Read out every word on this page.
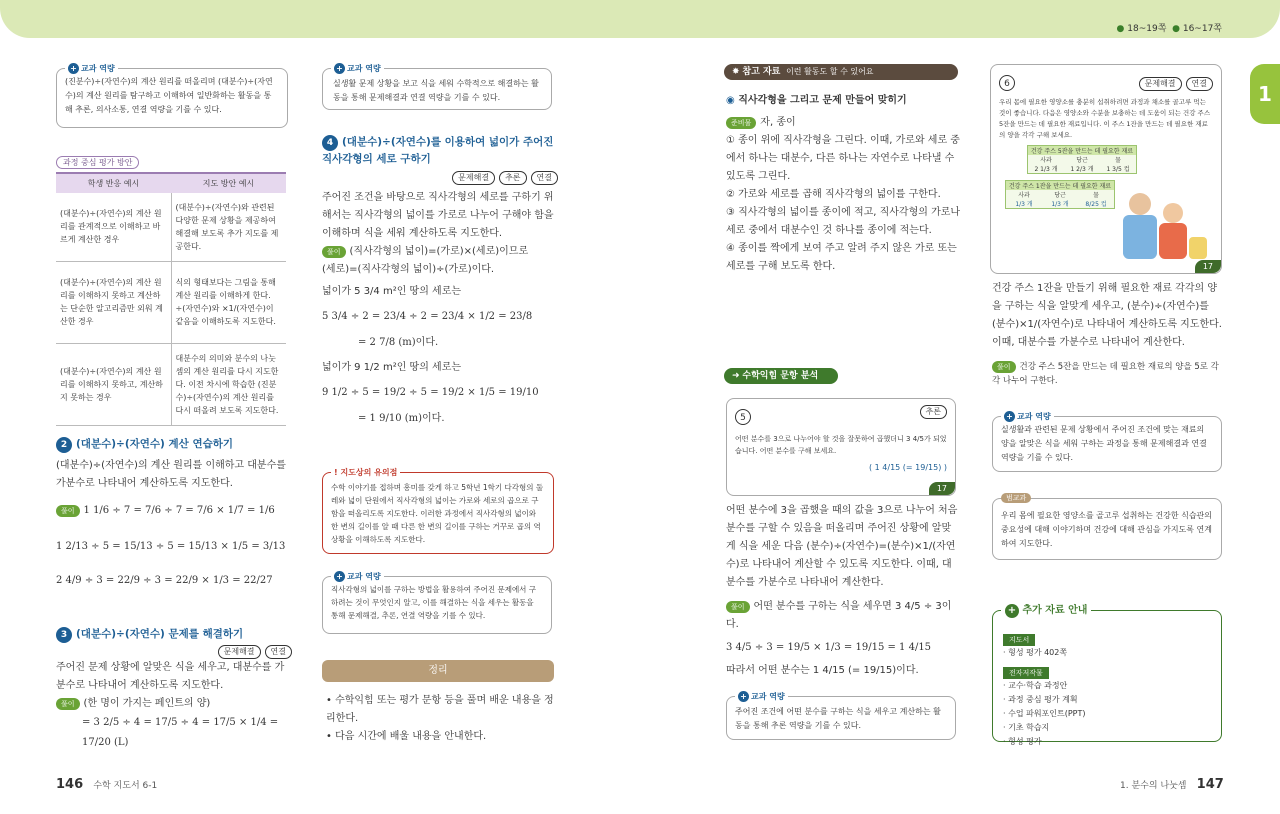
● 18~19쪽 ● 16~17쪽
1
+ 교과 역량
(진분수)÷(자연수)의 계산 원리를 떠올리며 (대분수)÷(자연수)의 계산 원리를 탐구하고 이해하여 일반화하는 활동을 통해 추론, 의사소통, 연결 역량을 기를 수 있다.
과정 중심 평가 방안
학생 반응 예시	지도 방안 예시
(대분수)÷(자연수)의 계산 원리를 관계적으로 이해하고 바르게 계산한 경우	(대분수)÷(자연수)와 관련된 다양한 문제 상황을 제공하여 해결해 보도록 추가 지도를 제공한다.
(대분수)÷(자연수)의 계산 원리를 이해하지 못하고 계산하는 단순한 알고리즘만 외워 계산한 경우	식의 형태보다는 그림을 통해 계산 원리를 이해하게 한다. ÷(자연수)와 ×1/(자연수)이 같음을 이해하도록 지도한다.
(대분수)÷(자연수)의 계산 원리를 이해하지 못하고, 계산하지 못하는 경우	대분수의 의미와 분수의 나눗셈의 계산 원리를 다시 지도한다. 이전 차시에 학습한 (진분수)÷(자연수)의 계산 원리를 다시 떠올려 보도록 지도한다.
2 (대분수)÷(자연수) 계산 연습하기
(대분수)÷(자연수)의 계산 원리를 이해하고 대분수를 가분수로 나타내어 계산하도록 지도한다.
풀이 1 1/6 ÷ 7 = 7/6 ÷ 7 = 7/6 × 1/7 = 1/6
1 2/13 ÷ 5 = 15/13 ÷ 5 = 15/13 × 1/5 = 3/13
2 4/9 ÷ 3 = 22/9 ÷ 3 = 22/9 × 1/3 = 22/27
3 (대분수)÷(자연수) 문제를 해결하기
문제해결 연결
주어진 문제 상황에 알맞은 식을 세우고, 대분수를 가분수로 나타내어 계산하도록 지도한다.
풀이 (한 명이 가지는 페인트의 양)
= 3 2/5 ÷ 4 = 17/5 ÷ 4 = 17/5 × 1/4 = 17/20 (L)
146 수학 지도서 6-1
+ 교과 역량
실생활 문제 상황을 보고 식을 세워 수학적으로 해결하는 활동을 통해 문제해결과 연결 역량을 기를 수 있다.
4 (대분수)÷(자연수)를 이용하여 넓이가 주어진 직사각형의 세로 구하기
문제해결 추론 연결
주어진 조건을 바탕으로 직사각형의 세로를 구하기 위해서는 직사각형의 넓이를 가로로 나누어 구해야 함을 이해하며 식을 세워 계산하도록 지도한다.
풀이 (직사각형의 넓이)=(가로)×(세로)이므로
(세로)=(직사각형의 넓이)÷(가로)이다.
넓이가 5 3/4 m²인 땅의 세로는
5 3/4 ÷ 2 = 23/4 ÷ 2 = 23/4 × 1/2 = 23/8
= 2 7/8 (m)이다.
넓이가 9 1/2 m²인 땅의 세로는
9 1/2 ÷ 5 = 19/2 ÷ 5 = 19/2 × 1/5 = 19/10
= 1 9/10 (m)이다.
! 지도상의 유의점
수학 이야기를 접하며 흥미를 갖게 하고 5학년 1학기 다각형의 둘레와 넓이 단원에서 직사각형의 넓이는 가로와 세로의 곱으로 구함을 떠올리도록 지도한다. 이러한 과정에서 직사각형의 넓이와 한 변의 길이를 알 때 다른 한 변의 길이를 구하는 거꾸로 곱의 역 상황을 이해하도록 지도한다.
+ 교과 역량
직사각형의 넓이를 구하는 방법을 활용하여 주어진 문제에서 구하려는 것이 무엇인지 알고, 이를 해결하는 식을 세우는 활동을 통해 문제해결, 추론, 연결 역량을 기를 수 있다.
정리
• 수학익힘 또는 평가 문항 등을 풀며 배운 내용을 정리한다.
• 다음 시간에 배울 내용을 안내한다.
✸ 참고 자료 이런 활동도 할 수 있어요
◉ 직사각형을 그리고 문제 만들어 맞히기
준비물 자, 종이
① 종이 위에 직사각형을 그린다. 이때, 가로와 세로 중에서 하나는 대분수, 다른 하나는 자연수로 나타낼 수 있도록 그린다.
② 가로와 세로를 곱해 직사각형의 넓이를 구한다.
③ 직사각형의 넓이를 종이에 적고, 직사각형의 가로나 세로 중에서 대분수인 것 하나를 종이에 적는다.
④ 종이를 짝에게 보여 주고 알려 주지 않은 가로 또는 세로를 구해 보도록 한다.
➜ 수학익힘 문항 분석
5
추론
어떤 분수를 3으로 나누어야 할 것을 잘못하여 곱했더니 3 4/5가 되었습니다. 어떤 분수를 구해 보세요.
( 1 4/15 (= 19/15) )
17
어떤 분수에 3을 곱했을 때의 값을 3으로 나누어 처음 분수를 구할 수 있음을 떠올리며 주어진 상황에 알맞게 식을 세운 다음 (분수)÷(자연수)=(분수)×1/(자연수)로 나타내어 계산할 수 있도록 지도한다. 이때, 대분수를 가분수로 나타내어 계산한다.
풀이 어떤 분수를 구하는 식을 세우면 3 4/5 ÷ 3이다.
3 4/5 ÷ 3 = 19/5 × 1/3 = 19/15 = 1 4/15
따라서 어떤 분수는 1 4/15 (= 19/15)이다.
+ 교과 역량
주어진 조건에 어떤 분수를 구하는 식을 세우고 계산하는 활동을 통해 추론 역량을 기를 수 있다.
1. 분수의 나눗셈 147
6	문제해결 연결
우리 몸에 필요한 영양소를 충분히 섭취하려면 과정과 채소를 골고루 먹는 것이 좋습니다. 다음은 영양소와 수분을 보충하는 데 도움이 되는 건강 주스 5잔을 만드는 데 필요한 재료입니다. 이 주스 1잔을 만드는 데 필요한 재료의 양을 각각 구해 보세요.
건강 주스 5잔을 만드는 데 필요한 재료
사과	당근	물
2 1/3 개	1 2/3 개	1 3/5 컵
건강 주스 1잔을 만드는 데 필요한 재료
사과	당근	물
1/3 개	1/3 개	8/25 컵
17
건강 주스 1잔을 만들기 위해 필요한 재료 각각의 양을 구하는 식을 알맞게 세우고, (분수)÷(자연수)를 (분수)×1/(자연수)로 나타내어 계산하도록 지도한다. 이때, 대분수를 가분수로 나타내어 계산한다.
풀이 건강 주스 5잔을 만드는 데 필요한 재료의 양을 5로 각각 나누어 구한다.
+ 교과 역량
실생활과 관련된 문제 상황에서 주어진 조건에 맞는 재료의 양을 알맞은 식을 세워 구하는 과정을 통해 문제해결과 연결 역량을 기를 수 있다.
범교과
우리 몸에 필요한 영양소를 골고루 섭취하는 건강한 식습관의 중요성에 대해 이야기하며 건강에 대해 관심을 가지도록 연계하여 지도한다.
+ 추가 자료 안내
지도서
· 형성 평가 402쪽
전자저작물
· 교수·학습 과정안
· 과정 중심 평가 계획
· 수업 파워포인트(PPT)
· 기초 학습지
· 형성 평가
